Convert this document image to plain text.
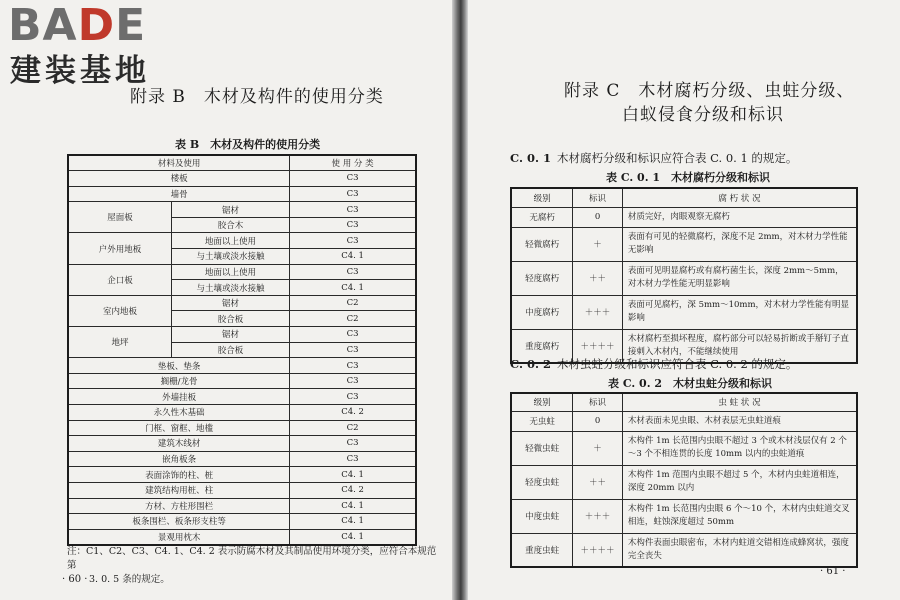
BADE
建装基地
附录 B　木材及构件的使用分类
表 B　木材及构件的使用分类
材料及使用		使 用 分 类
楼板		C3
墙骨		C3
屋面板	锯材	C3
	胶合木	C3
户外用地板	地面以上使用	C3
	与土壤或淡水接触	C4. 1
企口板	地面以上使用	C3
	与土壤或淡水接触	C4. 1
室内地板	锯材	C2
	胶合板	C2
地坪	锯材	C3
	胶合板	C3
垫板、垫条		C3
搁栅/龙骨		C3
外墙挂板		C3
永久性木基础		C4. 2
门框、窗框、地槛		C2
建筑木线材		C3
嵌角板条		C3
表面涂饰的柱、桩		C4. 1
建筑结构用桩、柱		C4. 2
方材、方柱形围栏		C4. 1
板条围栏、板条形支柱等		C4. 1
景观用枕木		C4. 1
注：C1、C2、C3、C4. 1、C4. 2 表示防腐木材及其制品使用环境分类，应符合本规范第
3. 0. 5 条的规定。
· 60 ·
附录 C　木材腐朽分级、虫蛀分级、
白蚁侵食分级和标识
C. 0. 1 木材腐朽分级和标识应符合表 C. 0. 1 的规定。
表 C. 0. 1　木材腐朽分级和标识
级别	标识	腐 朽 状 况
无腐朽	0	材质完好，肉眼观察无腐朽
轻微腐朽	＋	表面有可见的轻微腐朽，深度不足 2mm，对木材力学性能无影响
轻度腐朽	＋＋	表面可见明显腐朽或有腐朽菌生长，深度 2mm～5mm，对木材力学性能无明显影响
中度腐朽	＋＋＋	表面可见腐朽，深 5mm～10mm，对木材力学性能有明显影响
重度腐朽	＋＋＋＋	木材腐朽至损坏程度，腐朽部分可以轻易折断或手掰钉子直接刺入木材内，不能继续使用
C. 0. 2 木材虫蛀分级和标识应符合表 C. 0. 2 的规定。
表 C. 0. 2　木材虫蛀分级和标识
级别	标识	虫 蛀 状 况
无虫蛀	0	木材表面未见虫眼、木材表层无虫蛀道痕
轻微虫蛀	＋	木构件 1m 长范围内虫眼不超过 3 个或木材浅层仅有 2 个～3 个不相连贯的长度 10mm 以内的虫蛀道痕
轻度虫蛀	＋＋	木构件 1m 范围内虫眼不超过 5 个，木材内虫蛀道相连，深度 20mm 以内
中度虫蛀	＋＋＋	木构件 1m 长范围内虫眼 6 个～10 个，木材内虫蛀道交叉相连，蛀蚀深度超过 50mm
重度虫蛀	＋＋＋＋	木构件表面虫眼密布，木材内蛀道交错相连成蜂窝状，强度完全丧失
· 61 ·
